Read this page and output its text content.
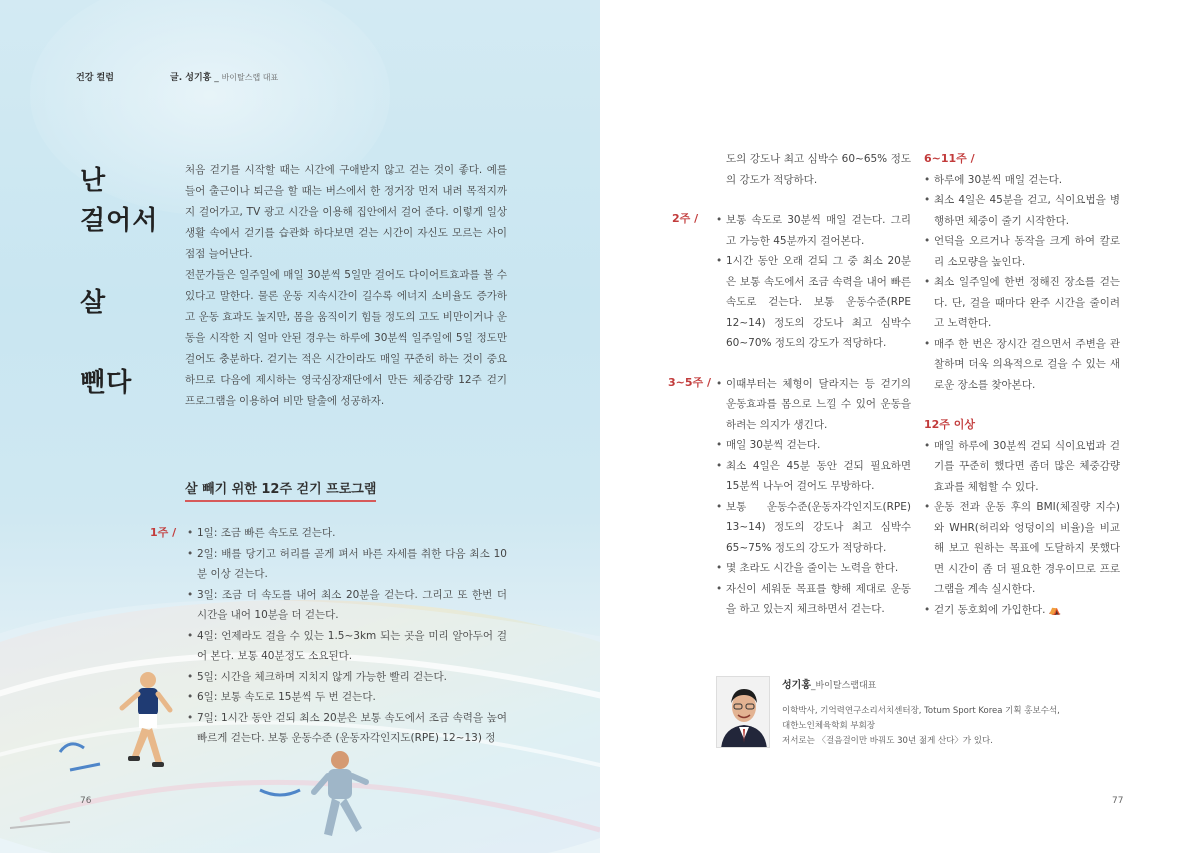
건강 컬럼	글. 성기홍 _ 바이탈스랩 대표
난
걸어서
살
뺀다

처음 걷기를 시작할 때는 시간에 구애받지 않고 걷는 것이 좋다. 예를 들어 출근이나 퇴근을 할 때는 버스에서 한 정거장 먼저 내려 목적지까지 걸어가고, TV 광고 시간을 이용해 집안에서 걸어 준다. 이렇게 일상생활 속에서 걷기를 습관화 하다보면 걷는 시간이 자신도 모르는 사이 점점 늘어난다.

전문가들은 일주일에 매일 30분씩 5일만 걸어도 다이어트효과를 볼 수 있다고 말한다. 물론 운동 지속시간이 길수록 에너지 소비율도 증가하고 운동 효과도 높지만, 몸을 움직이기 힘들 정도의 고도 비만이거나 운동을 시작한 지 얼마 안된 경우는 하루에 30분씩 일주일에 5일 정도만 걸어도 충분하다. 걷기는 적은 시간이라도 매일 꾸준히 하는 것이 중요하므로 다음에 제시하는 영국심장재단에서 만든 체중감량 12주 걷기 프로그램을 이용하여 비만 탈출에 성공하자.

살 빼기 위한 12주 걷기 프로그램
1주 /	• 1일: 조금 빠른 속도로 걷는다.
• 2일: 배를 당기고 허리를 곧게 펴서 바른 자세를 취한 다음 최소 10분 이상 걷는다.
• 3일: 조금 더 속도를 내어 최소 20분을 걷는다. 그리고 또 한번 더 시간을 내어 10분을 더 걷는다.
• 4일: 언제라도 걸을 수 있는 1.5~3km 되는 곳을 미리 알아두어 걸어 본다. 보통 40분정도 소요된다.
• 5일: 시간을 체크하며 지치지 않게 가능한 빨리 걷는다.
• 6일: 보통 속도로 15분씩 두 번 걷는다.
• 7일: 1시간 동안 걷되 최소 20분은 보통 속도에서 조금 속력을 높여 빠르게 걷는다. 보통 운동수준 (운동자각인지도(RPE) 12~13) 정
76
도의 강도나 최고 심박수 60~65% 정도의 강도가 적당하다.
2주 /	• 보통 속도로 30분씩 매일 걷는다. 그리고 가능한 45분까지 걸어본다.
• 1시간 동안 오래 걷되 그 중 최소 20분은 보통 속도에서 조금 속력을 내어 빠른 속도로 걷는다. 보통 운동수준(RPE 12~14) 정도의 강도나 최고 심박수 60~70% 정도의 강도가 적당하다.
3~5주 /	• 이때부터는 체형이 달라지는 등 걷기의 운동효과를 몸으로 느낄 수 있어 운동을 하려는 의지가 생긴다.
• 매일 30분씩 걷는다.
• 최소 4일은 45분 동안 걷되 필요하면 15분씩 나누어 걸어도 무방하다.
• 보통 운동수준(운동자각인지도(RPE) 13~14) 정도의 강도나 최고 심박수 65~75% 정도의 강도가 적당하다.
• 몇 초라도 시간을 줄이는 노력을 한다.
• 자신이 세워둔 목표를 향해 제대로 운동을 하고 있는지 체크하면서 걷는다.
6~11주 /
• 하루에 30분씩 매일 걷는다.
• 최소 4일은 45분을 걷고, 식이요법을 병행하면 체중이 줄기 시작한다.
• 언덕을 오르거나 동작을 크게 하여 칼로리 소모량을 높인다.
• 최소 일주일에 한번 정해진 장소를 걷는다. 단, 걸을 때마다 완주 시간을 줄이려고 노력한다.
• 매주 한 번은 장시간 걸으면서 주변을 관찰하며 더욱 의욕적으로 걸을 수 있는 새로운 장소를 찾아본다.
12주 이상
• 매일 하루에 30분씩 걷되 식이요법과 걷기를 꾸준히 했다면 좀더 많은 체중감량 효과를 체험할 수 있다.
• 운동 전과 운동 후의 BMI(체질량 지수)와 WHR(허리와 엉덩이의 비율)을 비교해 보고 원하는 목표에 도달하지 못했다면 시간이 좀 더 필요한 경우이므로 프로그램을 계속 실시한다.
• 걷기 동호회에 가입한다. ⛺
성기홍_바이탈스랩대표
이학박사, 기억력연구소리서치센터장, Totum Sport Korea 기획 홍보수석,
대한노인체육학회 부회장
저서로는 〈걸음걸이만 바꿔도 30년 젊게 산다〉가 있다.
77
